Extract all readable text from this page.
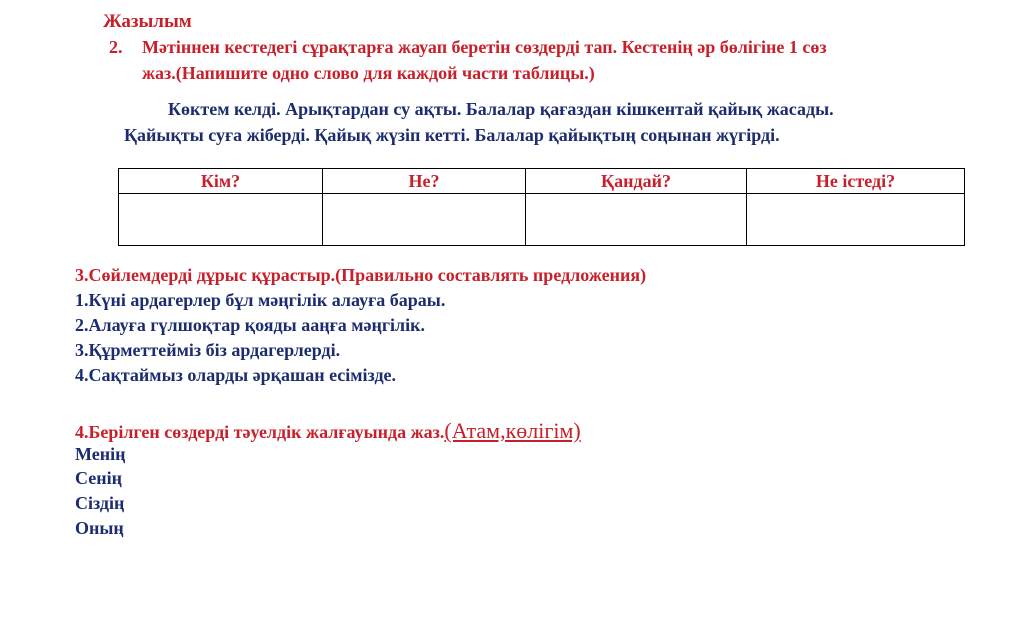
Жазылым
2. Мәтіннен кестедегі сұрақтарға жауап беретін сөздерді тап. Кестенің әр бөлігіне 1 сөз
жаз.(Напишите одно слово для каждой части таблицы.)
Көктем келді. Арықтардан су ақты. Балалар қағаздан кішкентай қайық жасады.
Қайықты суға жіберді. Қайық жүзіп кетті. Балалар қайықтың соңынан жүгірді.
Кім?	Не?	Қандай?	Не істеді?

3.Сөйлемдерді дұрыс құрастыр.(Правильно составлять предложения)
1.Күні ардагерлер бұл мәңгілік алауға бараы.
2.Алауға гүлшоқтар қояды ааңға мәңгілік.
3.Құрметтейміз біз ардагерлерді.
4.Сақтаймыз оларды әрқашан есімізде.
4.Берілген сөздерді тәуелдік жалғауында жаз.(Атам,көлігім)
Менің
Сенің
Сіздің
Оның
